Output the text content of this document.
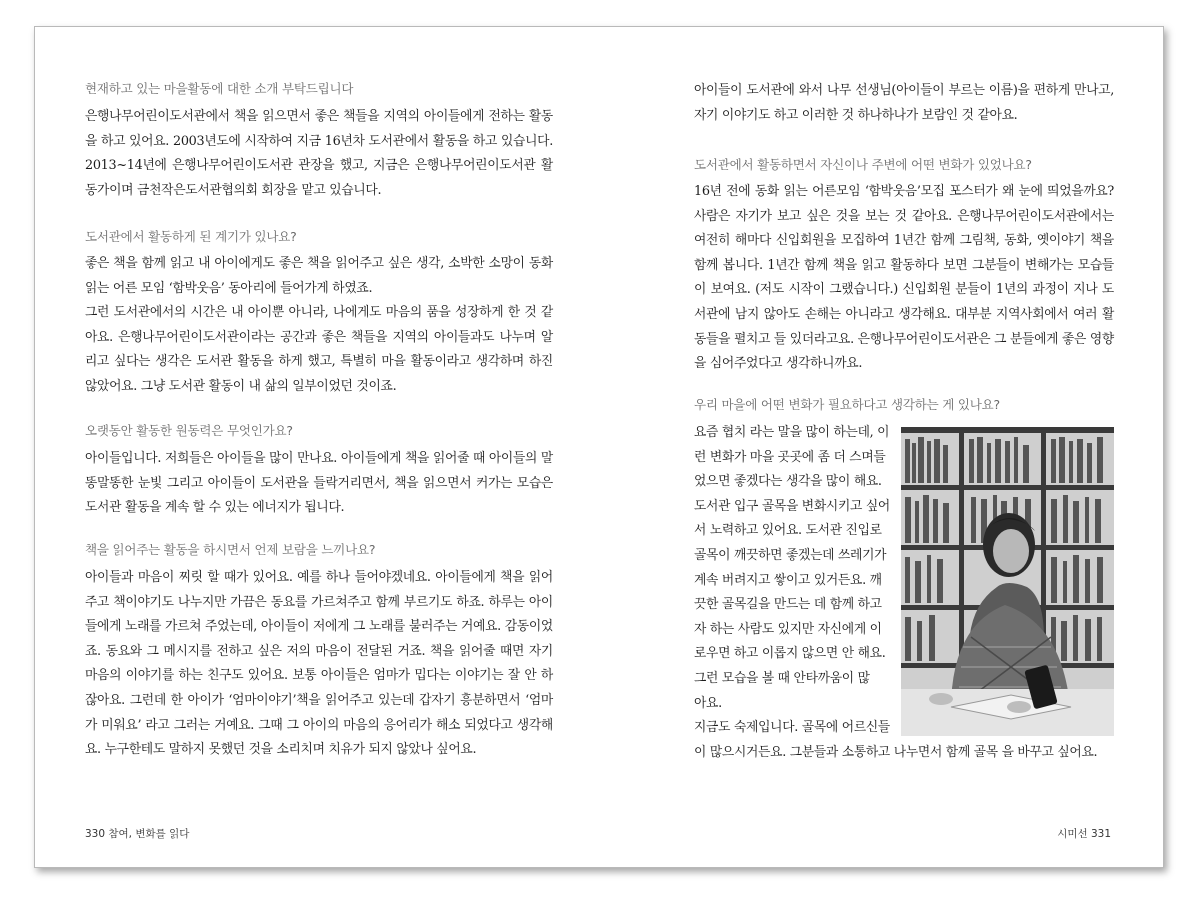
현재하고 있는 마을활동에 대한 소개 부탁드립니다
은행나무어린이도서관에서 책을 읽으면서 좋은 책들을 지역의 아이들에게 전하는 활동을 하고 있어요. 2003년도에 시작하여 지금 16년차 도서관에서 활동을 하고 있습니다. 2013~14년에 은행나무어린이도서관 관장을 했고, 지금은 은행나무어린이도서관 활동가이며 금천작은도서관협의회 회장을 맡고 있습니다.
도서관에서 활동하게 된 계기가 있나요?
좋은 책을 함께 읽고 내 아이에게도 좋은 책을 읽어주고 싶은 생각, 소박한 소망이 동화 읽는 어른 모임 ‘함박웃음’ 동아리에 들어가게 하였죠.
그런 도서관에서의 시간은 내 아이뿐 아니라, 나에게도 마음의 품을 성장하게 한 것 같아요. 은행나무어린이도서관이라는 공간과 좋은 책들을 지역의 아이들과도 나누며 알리고 싶다는 생각은 도서관 활동을 하게 했고, 특별히 마을 활동이라고 생각하며 하진 않았어요. 그냥 도서관 활동이 내 삶의 일부이었던 것이죠.
오랫동안 활동한 원동력은 무엇인가요?
아이들입니다. 저희들은 아이들을 많이 만나요. 아이들에게 책을 읽어줄 때 아이들의 말똥말똥한 눈빛 그리고 아이들이 도서관을 들락거리면서, 책을 읽으면서 커가는 모습은 도서관 활동을 계속 할 수 있는 에너지가 됩니다.
책을 읽어주는 활동을 하시면서 언제 보람을 느끼나요?
아이들과 마음이 찌릿 할 때가 있어요. 예를 하나 들어야겠네요. 아이들에게 책을 읽어주고 책이야기도 나누지만 가끔은 동요를 가르쳐주고 함께 부르기도 하죠. 하루는 아이들에게 노래를 가르쳐 주었는데, 아이들이 저에게 그 노래를 불러주는 거예요. 감동이었죠. 동요와 그 메시지를 전하고 싶은 저의 마음이 전달된 거죠. 책을 읽어줄 때면 자기 마음의 이야기를 하는 친구도 있어요. 보통 아이들은 엄마가 밉다는 이야기는 잘 안 하잖아요. 그런데 한 아이가 ‘엄마이야기’책을 읽어주고 있는데 갑자기 흥분하면서 ‘엄마가 미워요’ 라고 그러는 거예요. 그때 그 아이의 마음의 응어리가 해소 되었다고 생각해요. 누구한테도 말하지 못했던 것을 소리치며 치유가 되지 않았나 싶어요.
330 참여, 변화를 읽다
아이들이 도서관에 와서 나무 선생님(아이들이 부르는 이름)을 편하게 만나고, 자기 이야기도 하고 이러한 것 하나하나가 보람인 것 같아요.
도서관에서 활동하면서 자신이나 주변에 어떤 변화가 있었나요?
16년 전에 동화 읽는 어른모임 ‘함박웃음’모집 포스터가 왜 눈에 띄었을까요? 사람은 자기가 보고 싶은 것을 보는 것 같아요. 은행나무어린이도서관에서는 여전히 해마다 신입회원을 모집하여 1년간 함께 그림책, 동화, 옛이야기 책을 함께 봅니다. 1년간 함께 책을 읽고 활동하다 보면 그분들이 변해가는 모습들이 보여요. (저도 시작이 그랬습니다.) 신입회원 분들이 1년의 과정이 지나 도서관에 남지 않아도 손해는 아니라고 생각해요. 대부분 지역사회에서 여러 활동들을 펼치고 들 있더라고요. 은행나무어린이도서관은 그 분들에게 좋은 영향을 심어주었다고 생각하니까요.
우리 마을에 어떤 변화가 필요하다고 생각하는 게 있나요?
요즘 협치 라는 말을 많이 하는데, 이
런 변화가 마을 곳곳에 좀 더 스며들
었으면 좋겠다는 생각을 많이 해요.
도서관 입구 골목을 변화시키고 싶어
서 노력하고 있어요. 도서관 진입로
골목이 깨끗하면 좋겠는데 쓰레기가
계속 버려지고 쌓이고 있거든요. 깨
끗한 골목길을 만드는 데 함께 하고
자 하는 사람도 있지만 자신에게 이
로우면 하고 이롭지 않으면 안 해요.
그런 모습을 볼 때 안타까움이 많
아요.
지금도 숙제입니다. 골목에 어르신들
이 많으시거든요. 그분들과 소통하고 나누면서 함께 골목 을 바꾸고 싶어요.
시미선 331
